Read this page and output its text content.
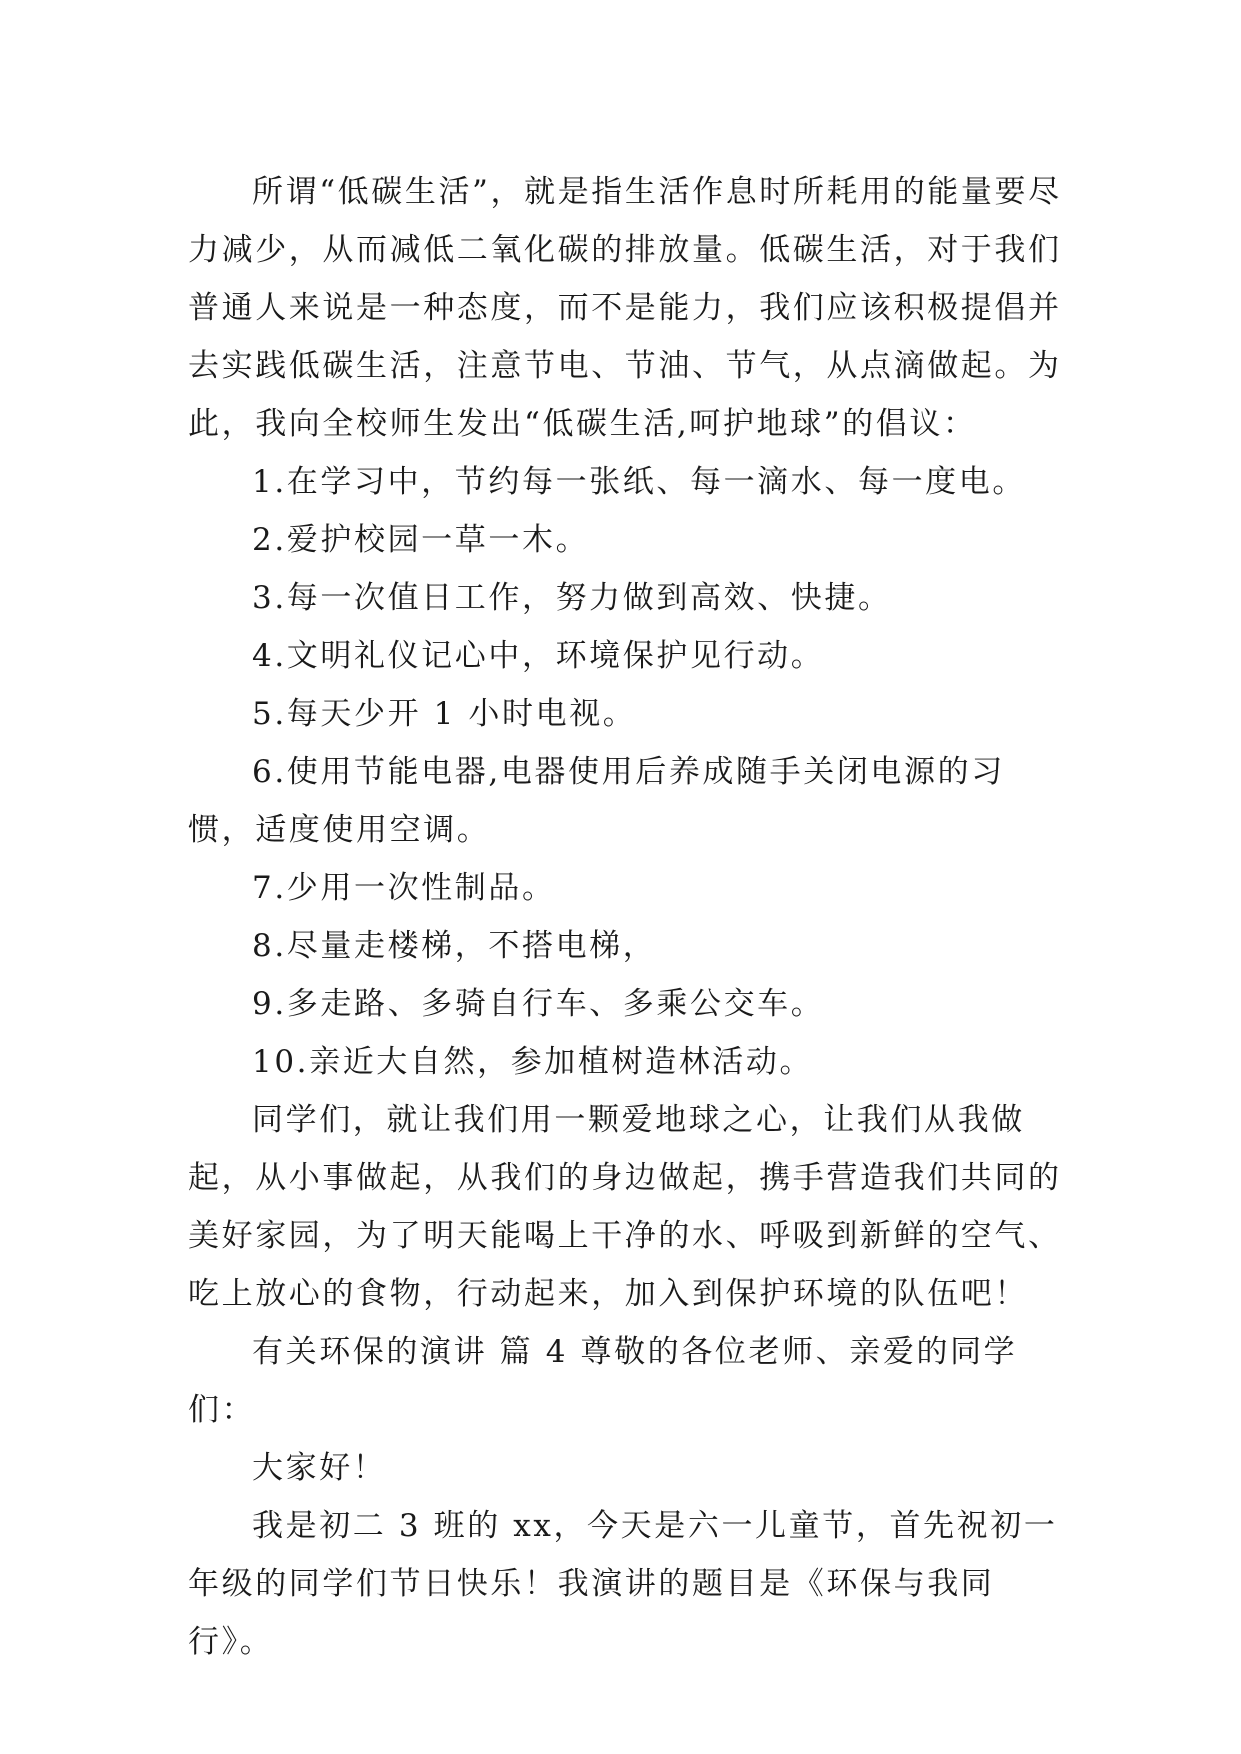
所谓“低碳生活”，就是指生活作息时所耗用的能量要尽力减少，从而减低二氧化碳的排放量。低碳生活，对于我们普通人来说是一种态度，而不是能力，我们应该积极提倡并去实践低碳生活，注意节电、节油、节气，从点滴做起。为此，我向全校师生发出“低碳生活,呵护地球”的倡议：

1.在学习中，节约每一张纸、每一滴水、每一度电。

2.爱护校园一草一木。

3.每一次值日工作，努力做到高效、快捷。

4.文明礼仪记心中，环境保护见行动。

5.每天少开 1 小时电视。

6.使用节能电器,电器使用后养成随手关闭电源的习惯，适度使用空调。

7.少用一次性制品。

8.尽量走楼梯，不搭电梯，

9.多走路、多骑自行车、多乘公交车。

10.亲近大自然，参加植树造林活动。

同学们，就让我们用一颗爱地球之心，让我们从我做起，从小事做起，从我们的身边做起，携手营造我们共同的美好家园，为了明天能喝上干净的水、呼吸到新鲜的空气、吃上放心的食物，行动起来，加入到保护环境的队伍吧！

有关环保的演讲 篇 4 尊敬的各位老师、亲爱的同学们：

大家好！

我是初二 3 班的 xx，今天是六一儿童节，首先祝初一年级的同学们节日快乐！我演讲的题目是《环保与我同行》。
